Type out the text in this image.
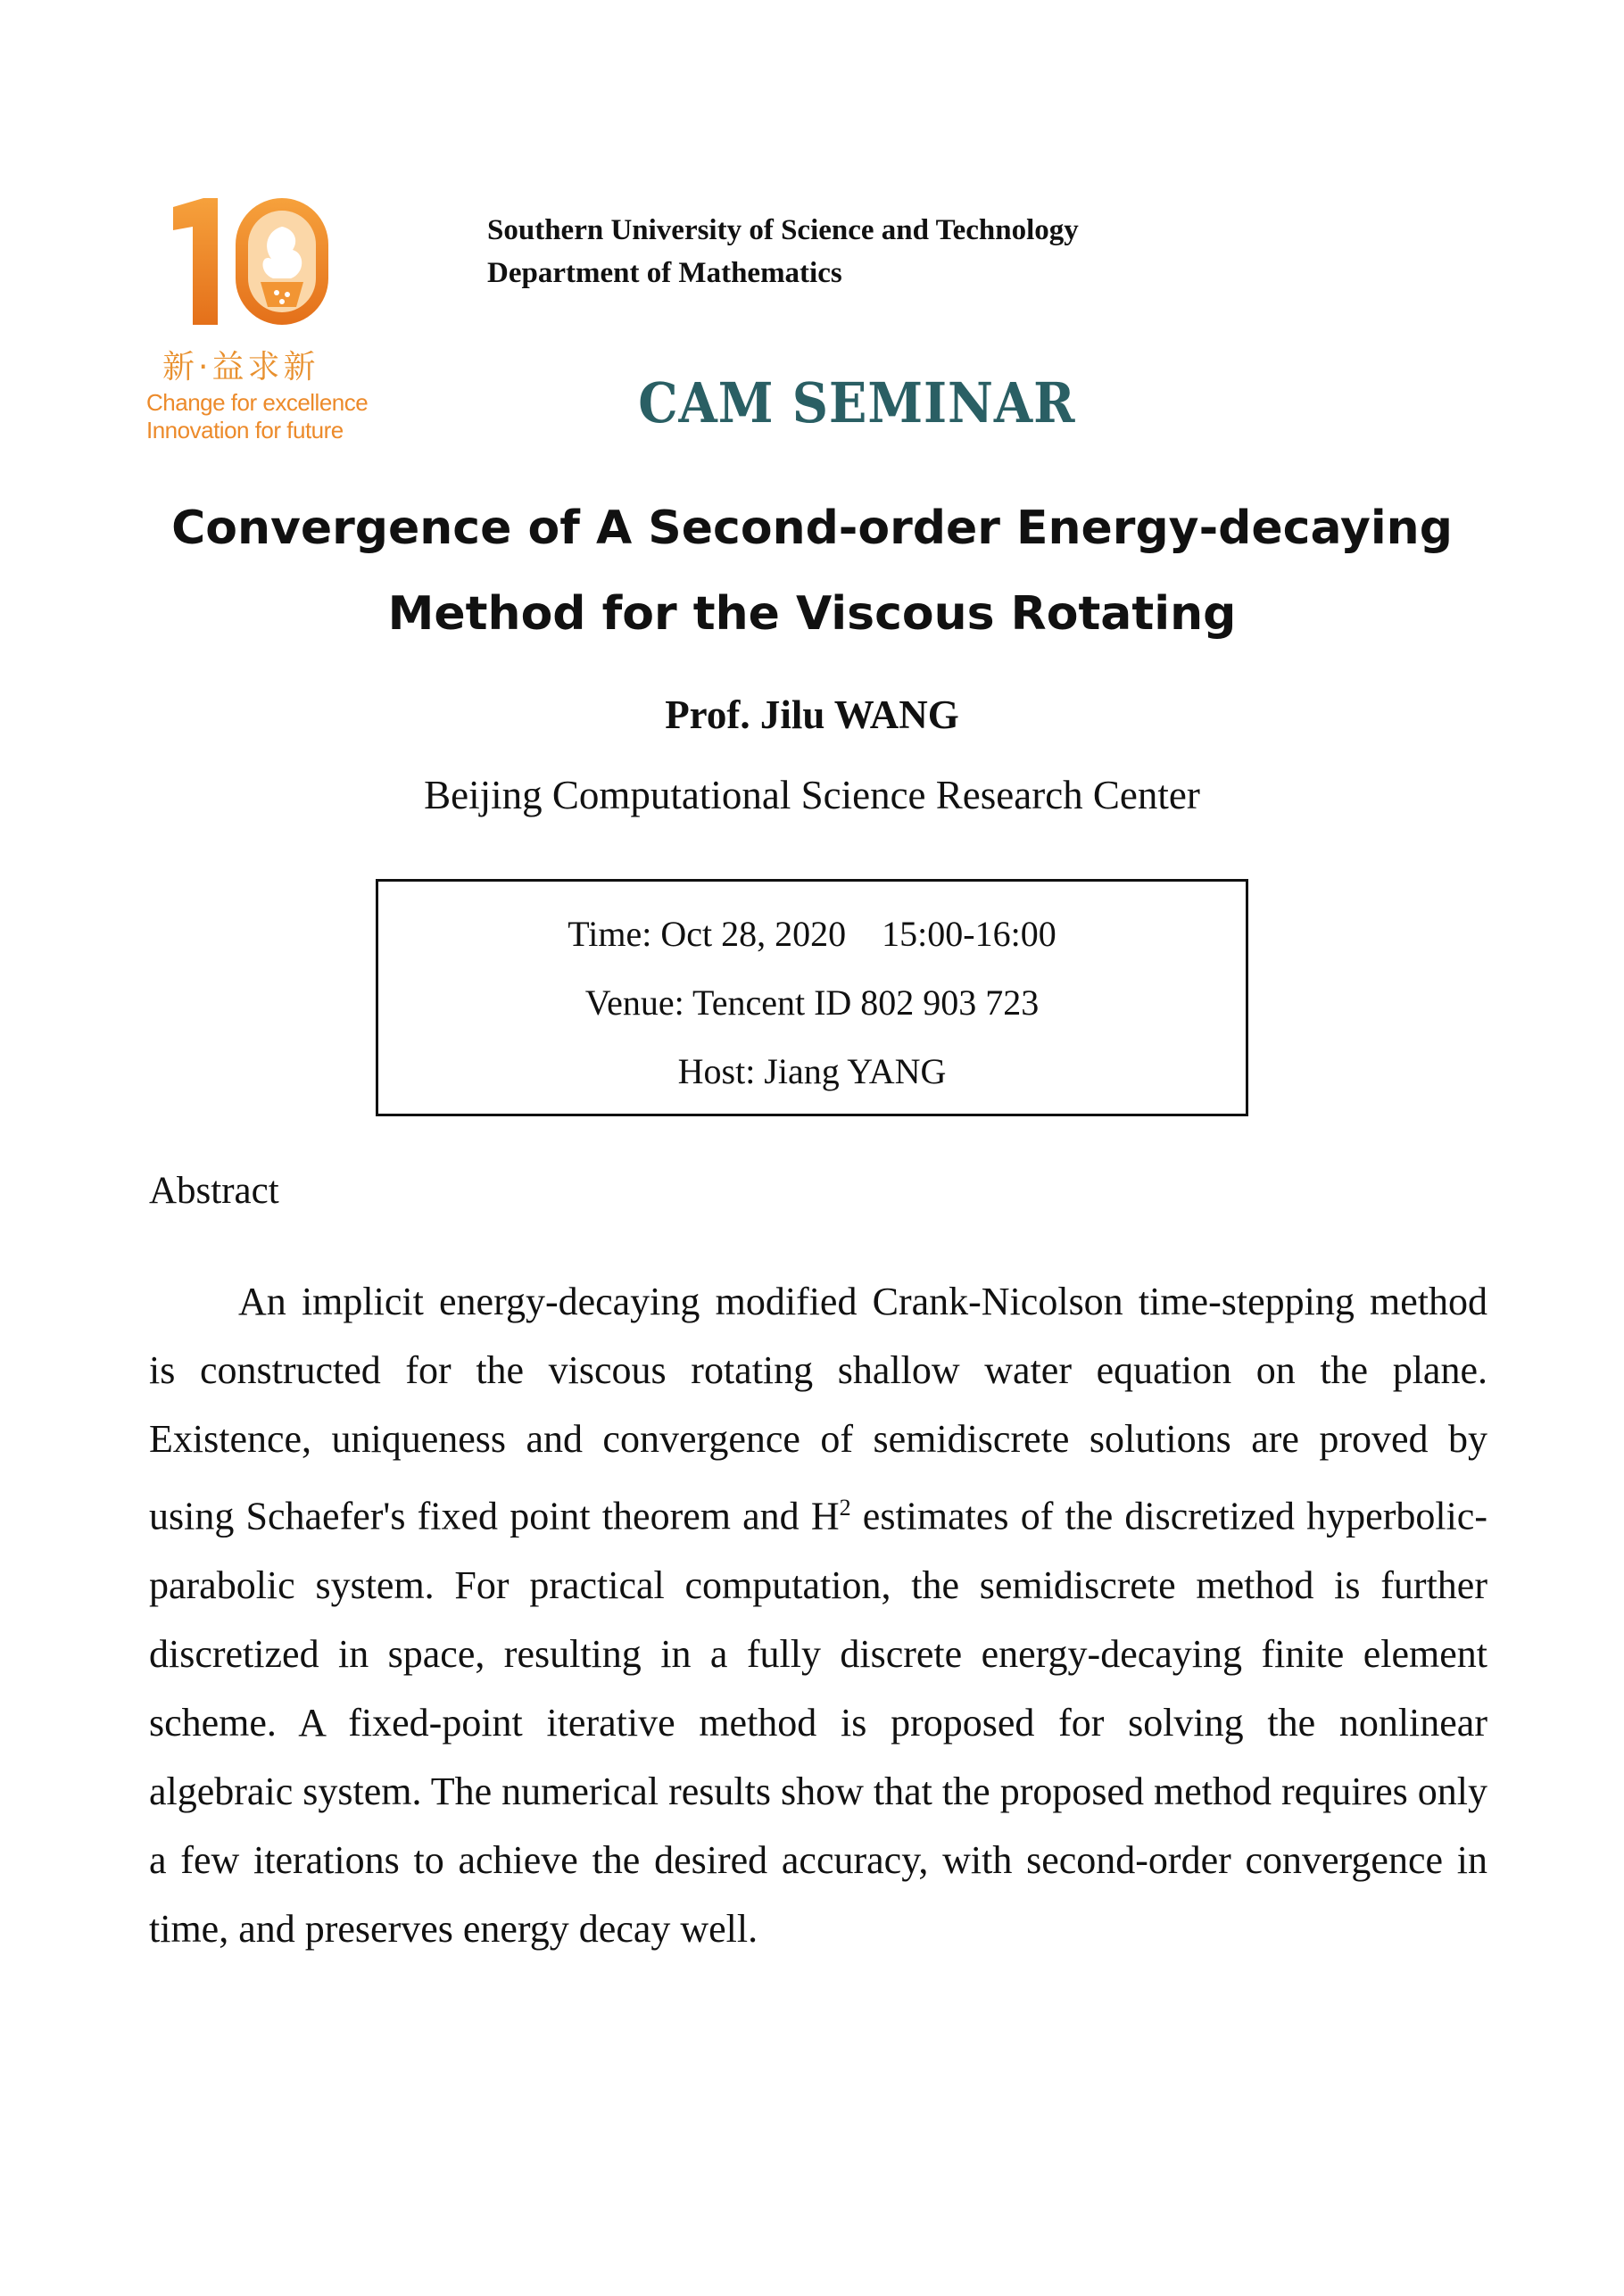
新·益求新
Change for excellence
Innovation for future
Southern University of Science and Technology
Department of Mathematics
CAM SEMINAR
Convergence of A Second-order Energy-decaying
Method for the Viscous Rotating
Prof. Jilu WANG
Beijing Computational Science Research Center
Time: Oct 28, 2020    15:00-16:00
Venue: Tencent ID 802 903 723
Host: Jiang YANG
Abstract

An implicit energy-decaying modified Crank-Nicolson time-stepping method is constructed for the viscous rotating shallow water equation on the plane. Existence, uniqueness and convergence of semidiscrete solutions are proved by using Schaefer's fixed point theorem and $H^2$ estimates of the discretized hyperbolic-parabolic system. For practical computation, the semidiscrete method is further discretized in space, resulting in a fully discrete energy-decaying finite element scheme. A fixed-point iterative method is proposed for solving the nonlinear algebraic system. The numerical results show that the proposed method requires only a few iterations to achieve the desired accuracy, with second-order convergence in time, and preserves energy decay well.
